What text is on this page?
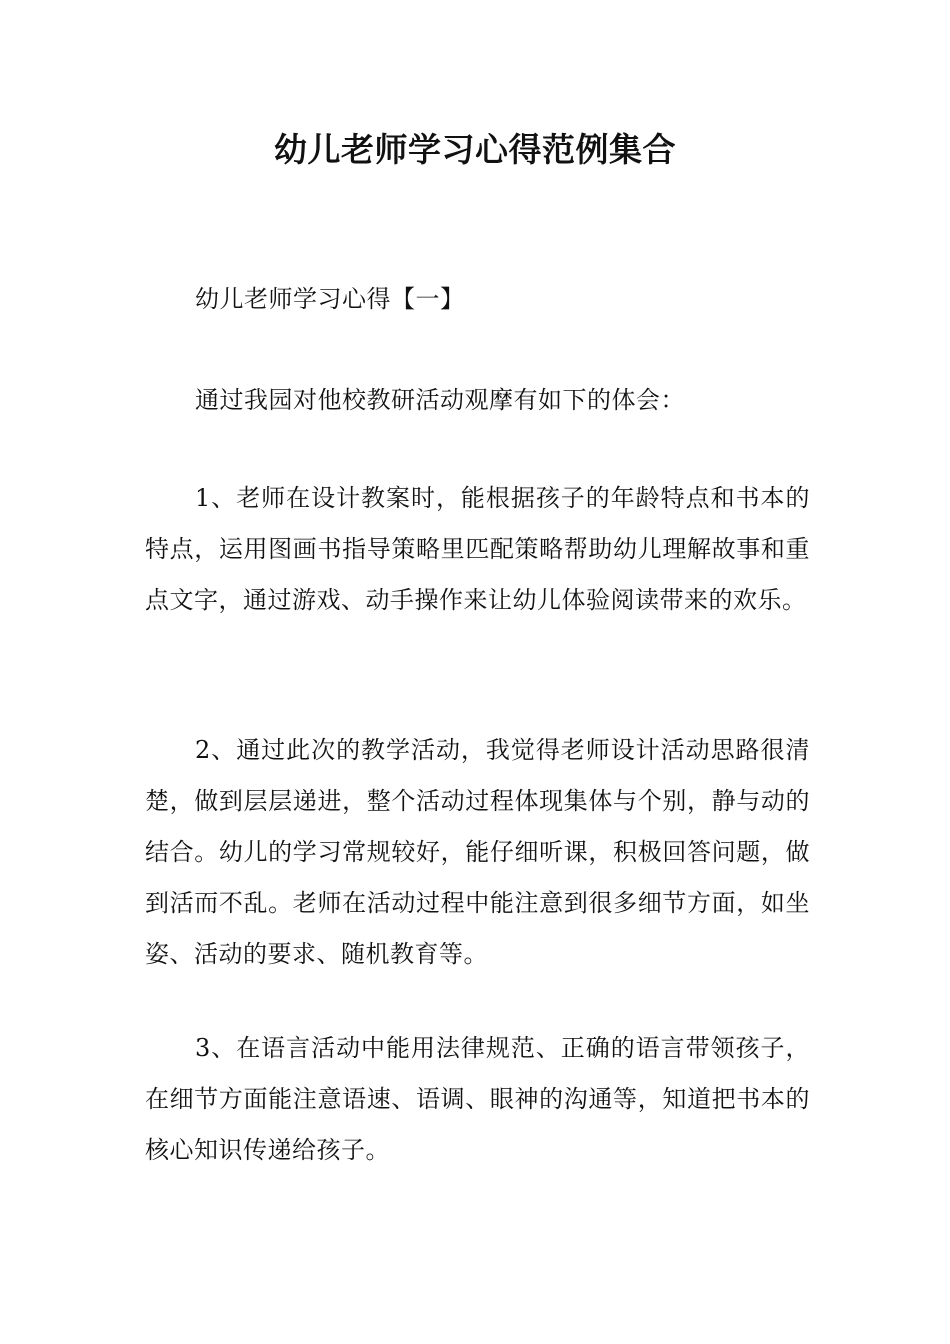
幼儿老师学习心得范例集合

幼儿老师学习心得【一】

通过我园对他校教研活动观摩有如下的体会：

1、老师在设计教案时，能根据孩子的年龄特点和书本的特点，运用图画书指导策略里匹配策略帮助幼儿理解故事和重点文字，通过游戏、动手操作来让幼儿体验阅读带来的欢乐。

2、通过此次的教学活动，我觉得老师设计活动思路很清楚，做到层层递进，整个活动过程体现集体与个别，静与动的结合。幼儿的学习常规较好，能仔细听课，积极回答问题，做到活而不乱。老师在活动过程中能注意到很多细节方面，如坐姿、活动的要求、随机教育等。

3、在语言活动中能用法律规范、正确的语言带领孩子，在细节方面能注意语速、语调、眼神的沟通等，知道把书本的核心知识传递给孩子。
